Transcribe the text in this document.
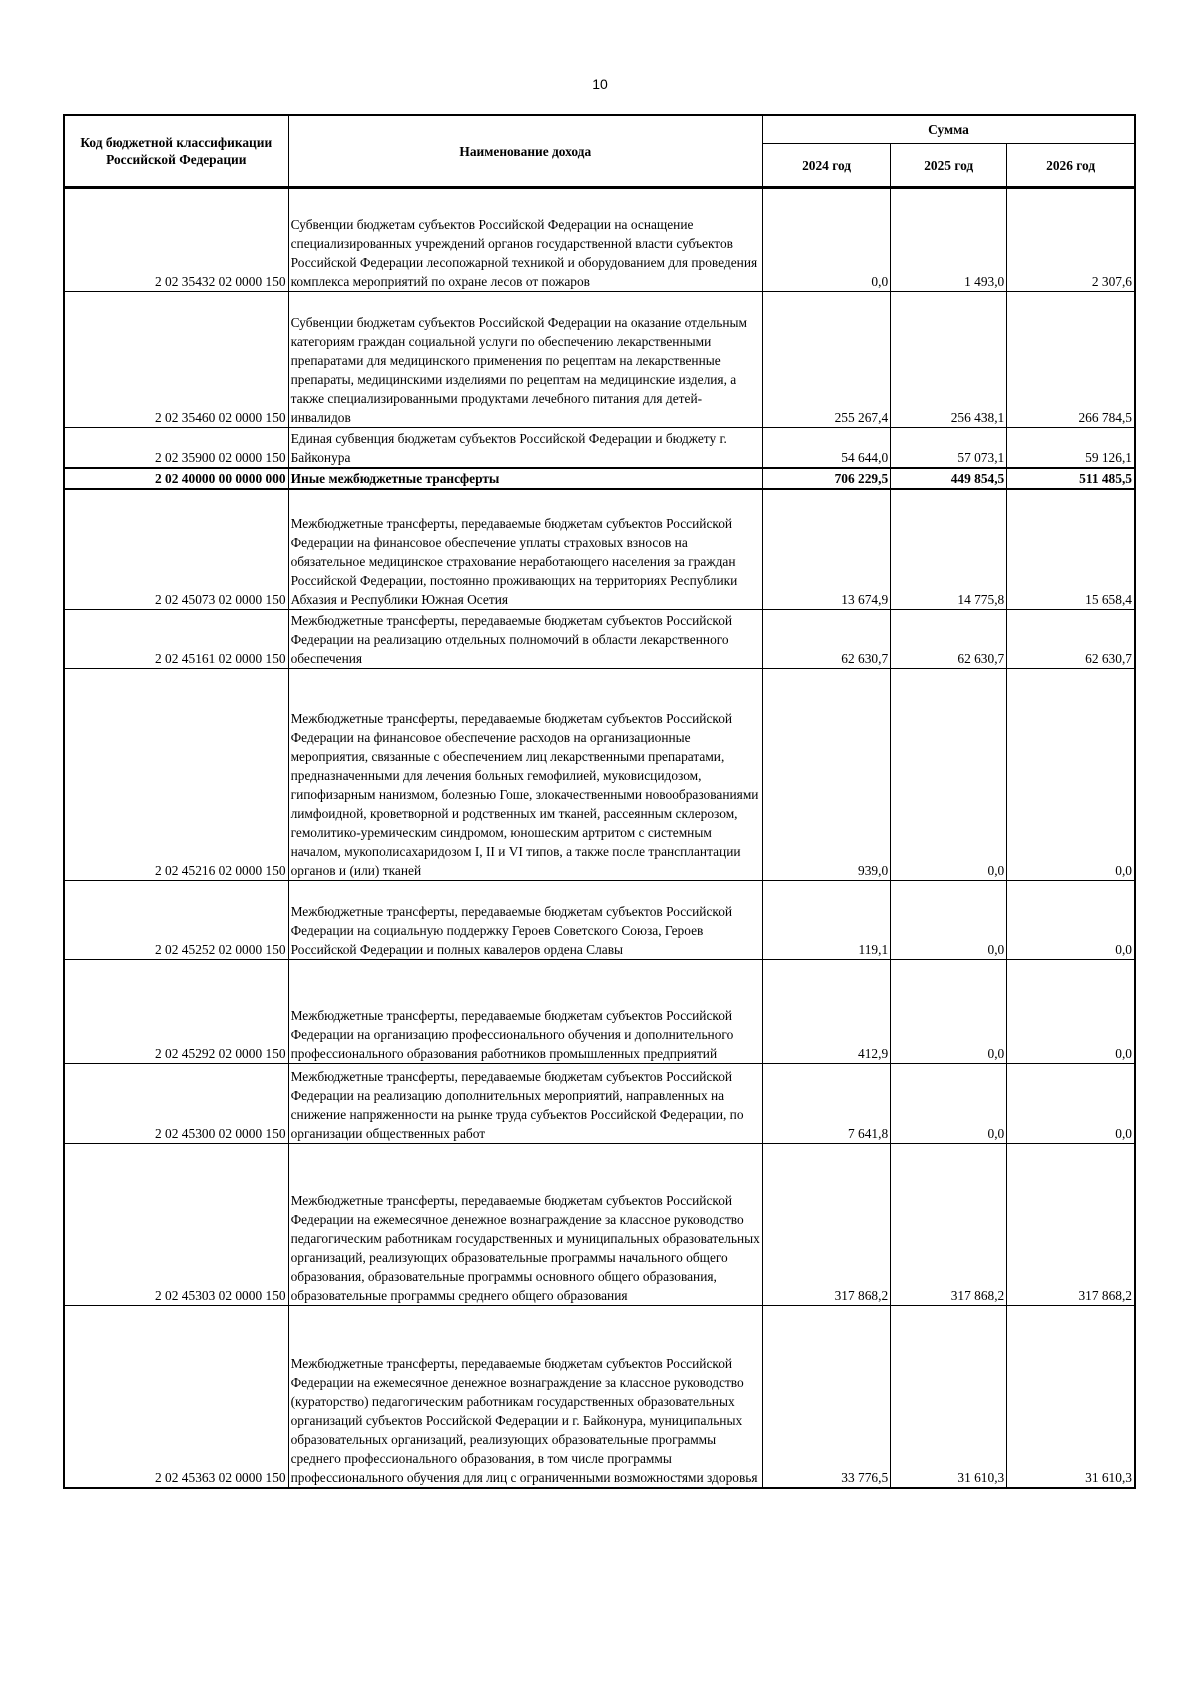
10
Код бюджетной классификации Российской Федерации	Наименование дохода	Сумма		
		2024 год	2025 год	2026 год
2 02 35432 02 0000 150	Субвенции бюджетам субъектов Российской Федерации на оснащение специализированных учреждений органов государственной власти субъектов Российской Федерации лесопожарной техникой и оборудованием для проведения комплекса мероприятий по охране лесов от пожаров	0,0	1 493,0	2 307,6
2 02 35460 02 0000 150	Субвенции бюджетам субъектов Российской Федерации на оказание отдельным категориям граждан социальной услуги по обеспечению лекарственными препаратами для медицинского применения по рецептам на лекарственные препараты, медицинскими изделиями по рецептам на медицинские изделия, а также специализированными продуктами лечебного питания для детей-инвалидов	255 267,4	256 438,1	266 784,5
2 02 35900 02 0000 150	Единая субвенция бюджетам субъектов Российской Федерации и бюджету г. Байконура	54 644,0	57 073,1	59 126,1
2 02 40000 00 0000 000	Иные межбюджетные трансферты	706 229,5	449 854,5	511 485,5
2 02 45073 02 0000 150	Межбюджетные трансферты, передаваемые бюджетам субъектов Российской Федерации на финансовое обеспечение уплаты страховых взносов на обязательное медицинское страхование неработающего населения за граждан Российской Федерации, постоянно проживающих на территориях Республики Абхазия и Республики Южная Осетия	13 674,9	14 775,8	15 658,4
2 02 45161 02 0000 150	Межбюджетные трансферты, передаваемые бюджетам субъектов Российской Федерации на реализацию отдельных полномочий в области лекарственного обеспечения	62 630,7	62 630,7	62 630,7
2 02 45216 02 0000 150	Межбюджетные трансферты, передаваемые бюджетам субъектов Российской Федерации на финансовое обеспечение расходов на организационные мероприятия, связанные с обеспечением лиц лекарственными препаратами, предназначенными для лечения больных гемофилией, муковисцидозом, гипофизарным нанизмом, болезнью Гоше, злокачественными новообразованиями лимфоидной, кроветворной и родственных им тканей, рассеянным склерозом, гемолитико-уремическим синдромом, юношеским артритом с системным началом, мукополисахаридозом I, II и VI типов, а также после трансплантации органов и (или) тканей	939,0	0,0	0,0
2 02 45252 02 0000 150	Межбюджетные трансферты, передаваемые бюджетам субъектов Российской Федерации на социальную поддержку Героев Советского Союза, Героев Российской Федерации и полных кавалеров ордена Славы	119,1	0,0	0,0
2 02 45292 02 0000 150	Межбюджетные трансферты, передаваемые бюджетам субъектов Российской Федерации на организацию профессионального обучения и дополнительного профессионального образования работников промышленных предприятий	412,9	0,0	0,0
2 02 45300 02 0000 150	Межбюджетные трансферты, передаваемые бюджетам субъектов Российской Федерации на реализацию дополнительных мероприятий, направленных на снижение напряженности на рынке труда субъектов Российской Федерации, по организации общественных работ	7 641,8	0,0	0,0
2 02 45303 02 0000 150	Межбюджетные трансферты, передаваемые бюджетам субъектов Российской Федерации на ежемесячное денежное вознаграждение за классное руководство педагогическим работникам государственных и муниципальных образовательных организаций, реализующих образовательные программы начального общего образования, образовательные программы основного общего образования, образовательные программы среднего общего образования	317 868,2	317 868,2	317 868,2
2 02 45363 02 0000 150	Межбюджетные трансферты, передаваемые бюджетам субъектов Российской Федерации на ежемесячное денежное вознаграждение за классное руководство (кураторство) педагогическим работникам государственных образовательных организаций субъектов Российской Федерации и г. Байконура, муниципальных образовательных организаций, реализующих образовательные программы среднего профессионального образования, в том числе программы профессионального обучения для лиц с ограниченными возможностями здоровья	33 776,5	31 610,3	31 610,3
